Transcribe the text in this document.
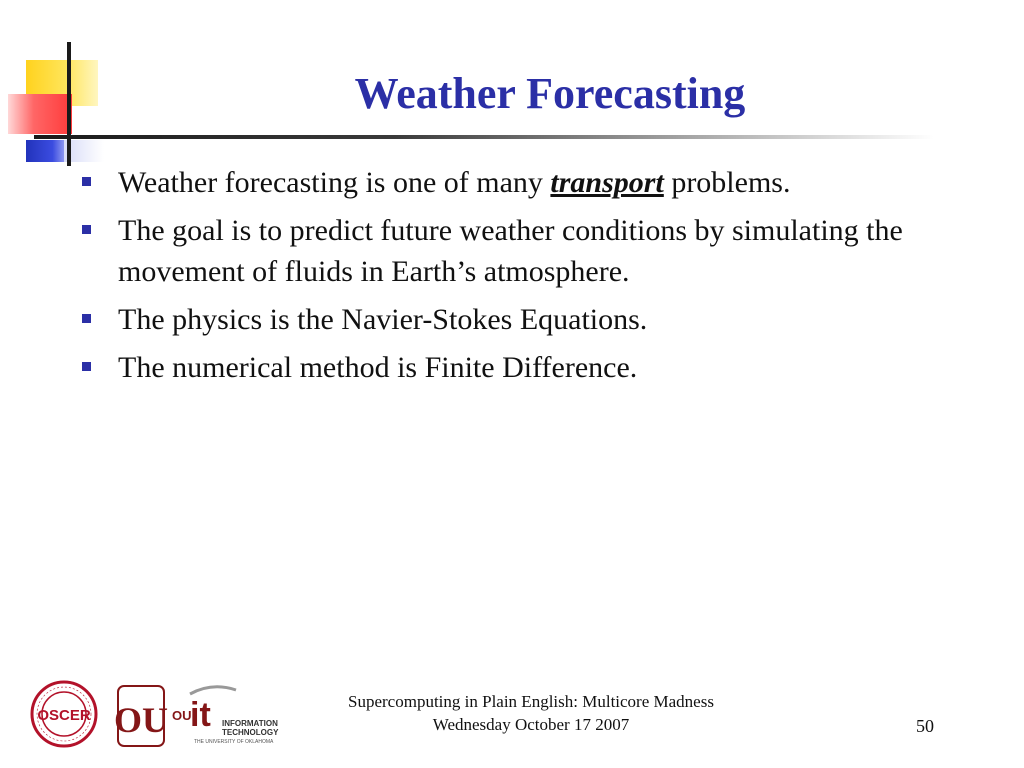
Weather Forecasting
Weather forecasting is one of many transport problems.
The goal is to predict future weather conditions by simulating the movement of fluids in Earth’s atmosphere.
The physics is the Navier-Stokes Equations.
The numerical method is Finite Difference.
OSCER OU OU
it INFORMATION
TECHNOLOGY
THE UNIVERSITY OF OKLAHOMA
Supercomputing in Plain English: Multicore Madness
Wednesday October 17 2007	50
